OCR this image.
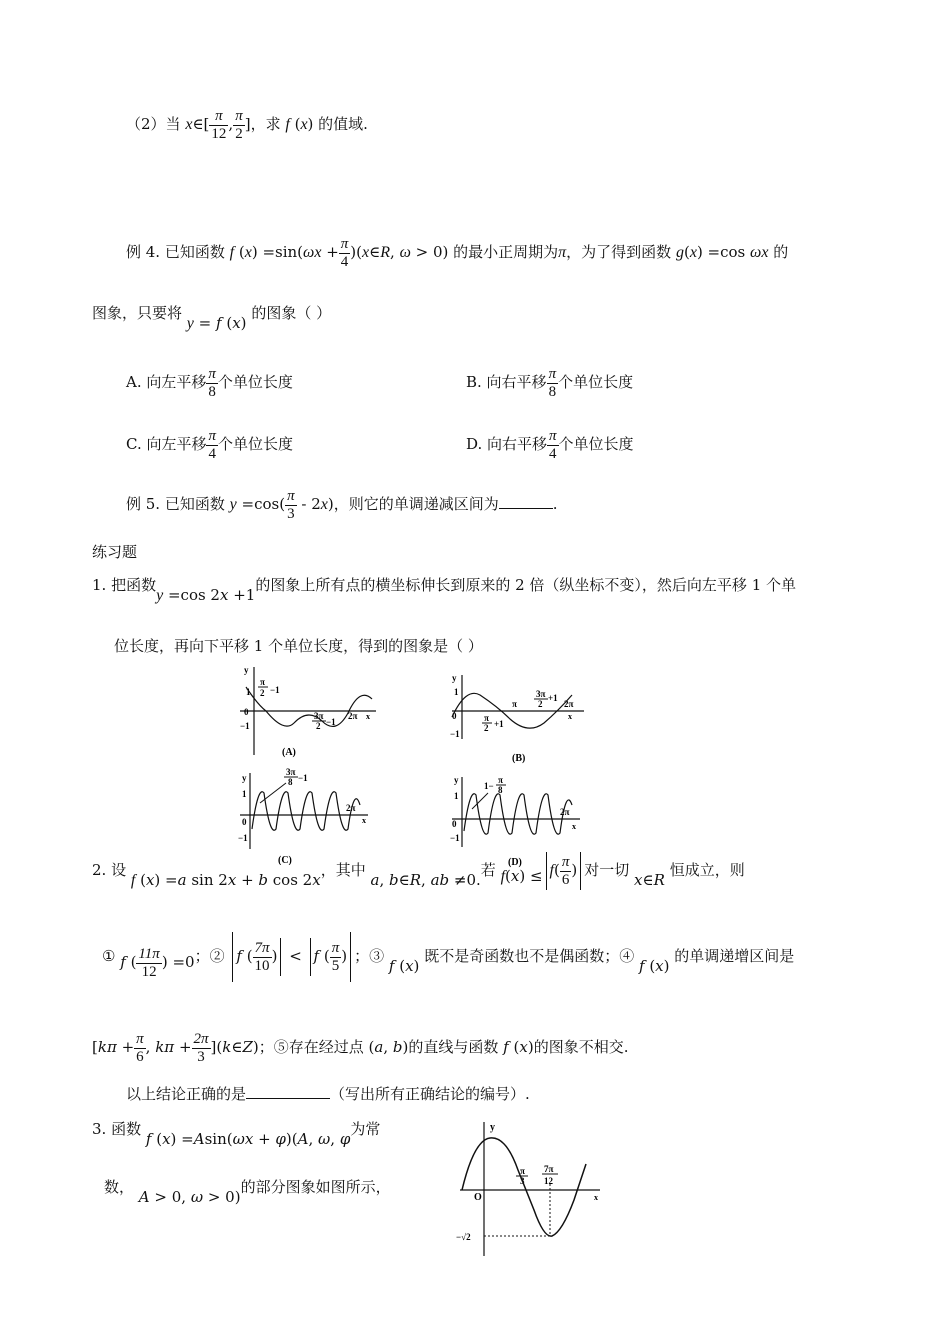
（2）当 x∈[ $\frac{\pi}{12}$ , $\frac{\pi}{2}$ ]，求 f (x) 的值域.
例 4. 已知函数 f $(x) =\sin(\omega x + \frac{\pi}{4}$ )(x∈R, ω > 0) 的最小正周期为π，为了得到函数 g(x) =cos ωx 的
图象，只要将 y = f (x) 的图象（ ）
A. 向左平移 $\frac{\pi}{8}$ 个单位长度	B. 向右平移 $\frac{\pi}{8}$ 个单位长度
C. 向左平移 $\frac{\pi}{4}$ 个单位长度	D. 向右平移 $\frac{\pi}{4}$ 个单位长度
例 5. 已知函数 $y =\cos( \frac{\pi}{3} - 2x)$，则它的单调递减区间为	.
练习题
1. 把函数y =cos 2x +1的图象上所有点的横坐标伸长到原来的 2 倍（纵坐标不变），然后向左平移 1 个单
位长度，再向下平移 1 个单位长度，得到的图象是（ ）
y
1
0
−1
π
2 −1
3π
2 −1
2π x
(A)
y
1
0
−1
π
2 +1
π
3π
2
+1
2π
x
(B)
y
1
0
−1
3π
8 −1
2π
x
(C)
y
1
0
−1
1−
π
8
2π
x
(D)
2. 设 f (x) =a sin 2x + b cos 2x，其中 a, b∈R, ab ≠0.若 $f(x) \le f( \frac{\pi}{6}$ ) 对一切 x∈R 恒成立，则
① f ( $\frac{11\pi}{12}$ ) =0；② f ( $\frac{7\pi}{10}$ ) < f ( $\frac{\pi}{5}$ ) ；③ f (x) 既不是奇函数也不是偶函数；④ f (x) 的单调递增区间是
[$k\pi + \frac{\pi}{6}$ , $k\pi + \frac{2\pi}{3}$ ](k∈Z)；⑤存在经过点 (a, b)的直线与函数 f (x)的图象不相交.
以上结论正确的是	（写出所有正确结论的编号）.
3. 函数 f (x) =Asin(ωx + φ)(A, ω, φ为常
数， A > 0, ω > 0)的部分图象如图所示，
y
O	x
−√2
π
3
7π
12
